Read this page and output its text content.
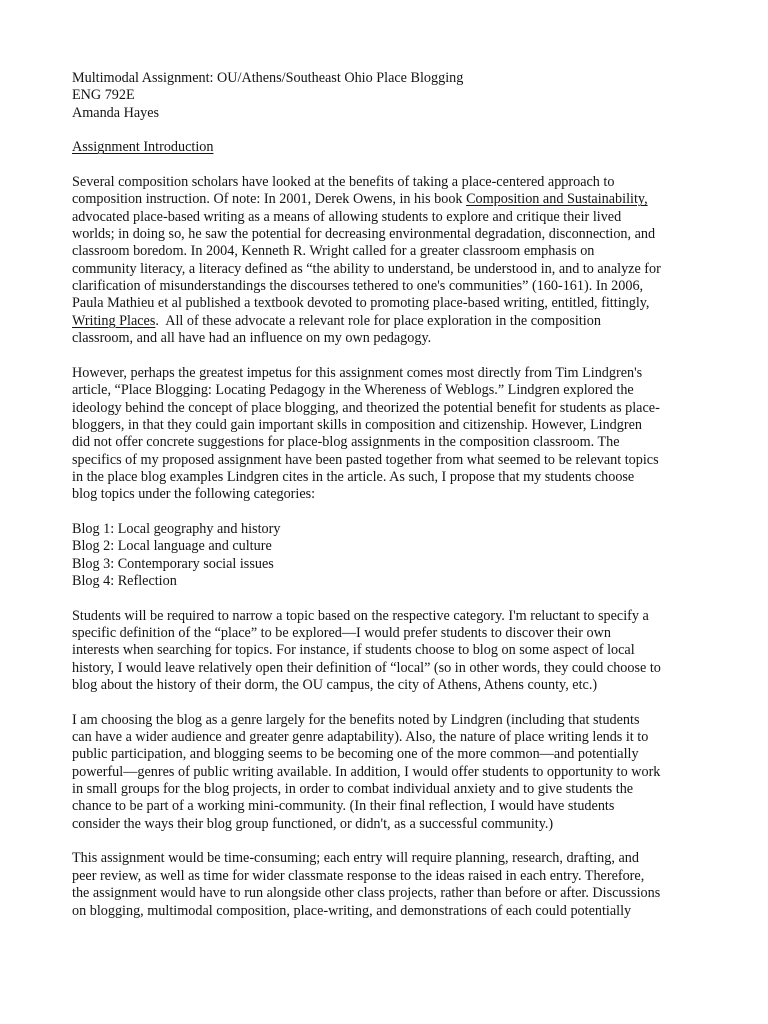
Multimodal Assignment: OU/Athens/Southeast Ohio Place Blogging
ENG 792E
Amanda Hayes
Assignment Introduction
Several composition scholars have looked at the benefits of taking a place-centered approach to
composition instruction. Of note: In 2001, Derek Owens, in his book Composition and Sustainability,
advocated place-based writing as a means of allowing students to explore and critique their lived
worlds; in doing so, he saw the potential for decreasing environmental degradation, disconnection, and
classroom boredom. In 2004, Kenneth R. Wright called for a greater classroom emphasis on
community literacy, a literacy defined as “the ability to understand, be understood in, and to analyze for
clarification of misunderstandings the discourses tethered to one's communities” (160-161). In 2006,
Paula Mathieu et al published a textbook devoted to promoting place-based writing, entitled, fittingly,
Writing Places.  All of these advocate a relevant role for place exploration in the composition
classroom, and all have had an influence on my own pedagogy.
However, perhaps the greatest impetus for this assignment comes most directly from Tim Lindgren's
article, “Place Blogging: Locating Pedagogy in the Whereness of Weblogs.” Lindgren explored the
ideology behind the concept of place blogging, and theorized the potential benefit for students as place-
bloggers, in that they could gain important skills in composition and citizenship. However, Lindgren
did not offer concrete suggestions for place-blog assignments in the composition classroom. The
specifics of my proposed assignment have been pasted together from what seemed to be relevant topics
in the place blog examples Lindgren cites in the article. As such, I propose that my students choose
blog topics under the following categories:
Blog 1: Local geography and history
Blog 2: Local language and culture
Blog 3: Contemporary social issues
Blog 4: Reflection
Students will be required to narrow a topic based on the respective category. I'm reluctant to specify a
specific definition of the “place” to be explored—I would prefer students to discover their own
interests when searching for topics. For instance, if students choose to blog on some aspect of local
history, I would leave relatively open their definition of “local” (so in other words, they could choose to
blog about the history of their dorm, the OU campus, the city of Athens, Athens county, etc.)
I am choosing the blog as a genre largely for the benefits noted by Lindgren (including that students
can have a wider audience and greater genre adaptability). Also, the nature of place writing lends it to
public participation, and blogging seems to be becoming one of the more common—and potentially
powerful—genres of public writing available. In addition, I would offer students to opportunity to work
in small groups for the blog projects, in order to combat individual anxiety and to give students the
chance to be part of a working mini-community. (In their final reflection, I would have students
consider the ways their blog group functioned, or didn't, as a successful community.)
This assignment would be time-consuming; each entry will require planning, research, drafting, and
peer review, as well as time for wider classmate response to the ideas raised in each entry. Therefore,
the assignment would have to run alongside other class projects, rather than before or after. Discussions
on blogging, multimodal composition, place-writing, and demonstrations of each could potentially
